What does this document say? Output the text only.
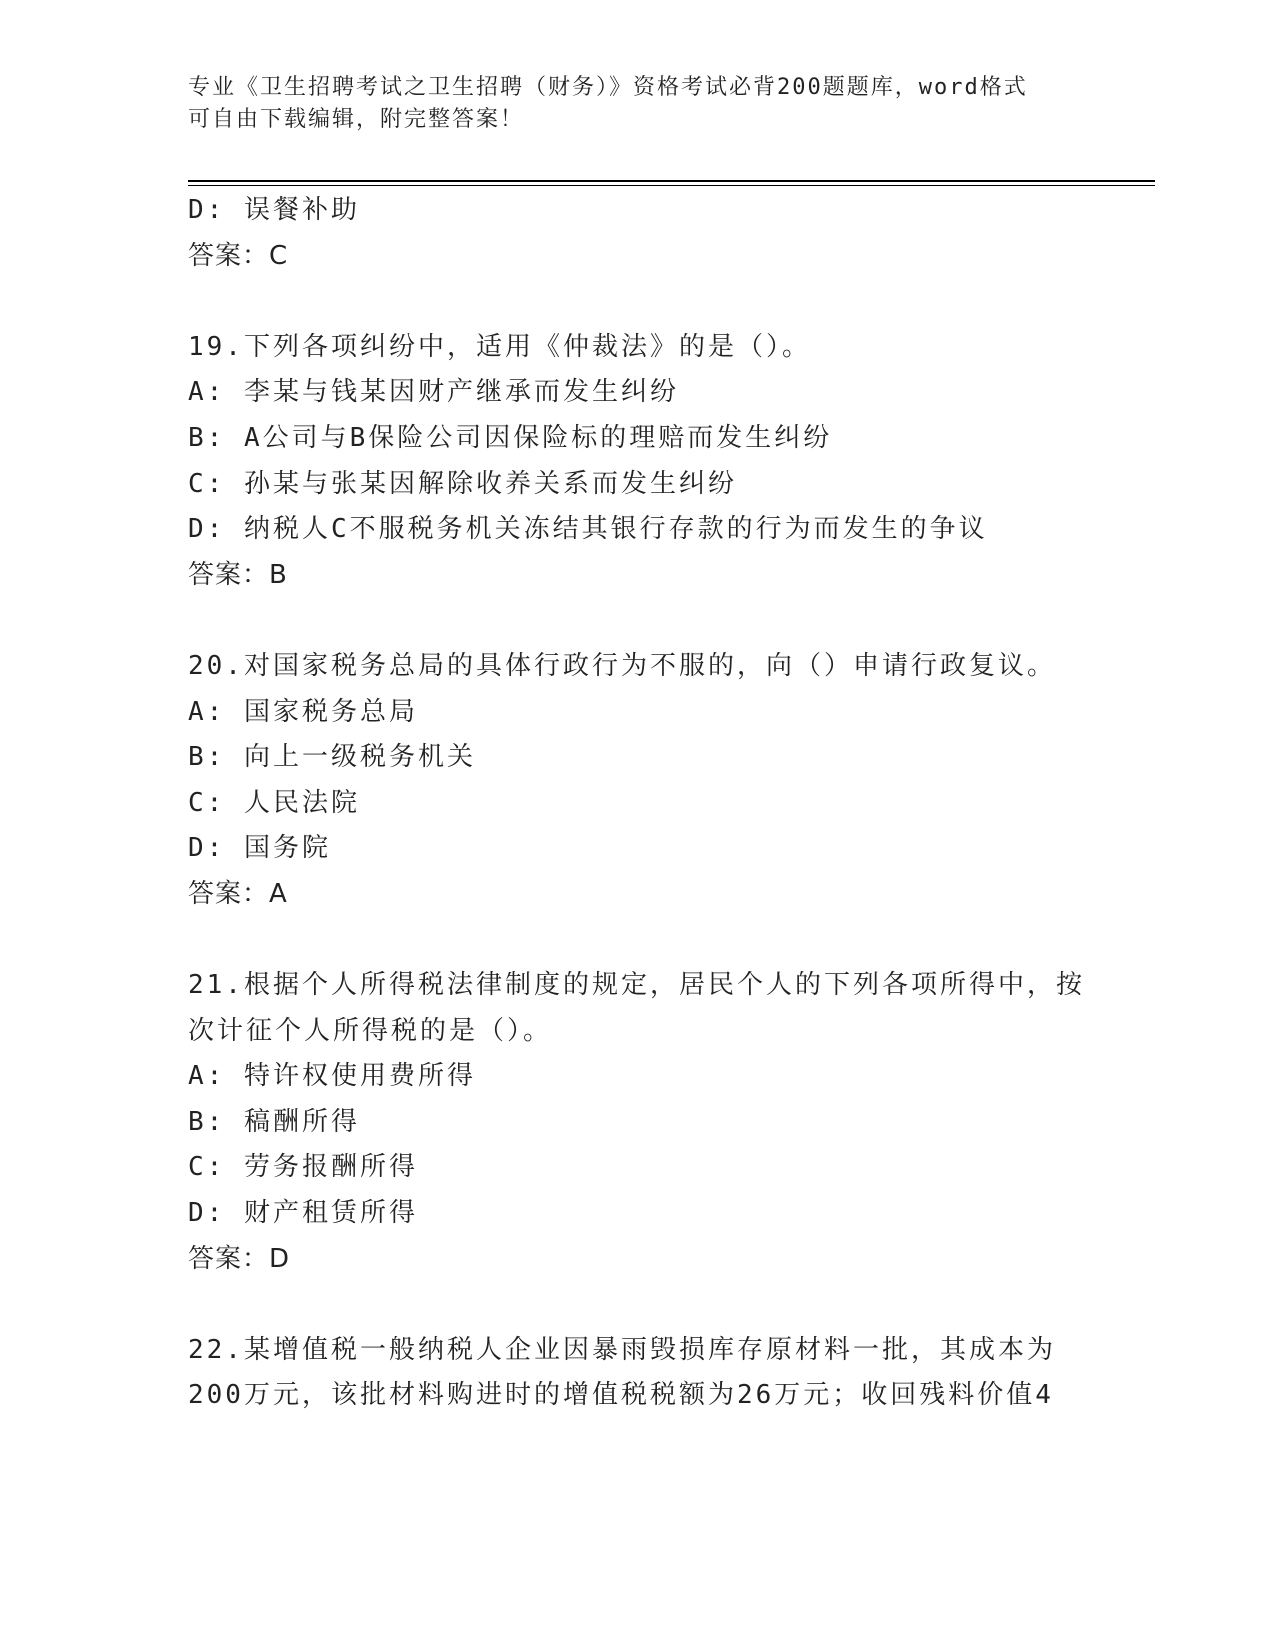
专业《卫生招聘考试之卫生招聘（财务）》资格考试必背200题题库，word格式
可自由下载编辑，附完整答案！
D: 误餐补助
答案：C
19.下列各项纠纷中，适用《仲裁法》的是（）。
A: 李某与钱某因财产继承而发生纠纷
B: A公司与B保险公司因保险标的理赔而发生纠纷
C: 孙某与张某因解除收养关系而发生纠纷
D: 纳税人C不服税务机关冻结其银行存款的行为而发生的争议
答案：B
20.对国家税务总局的具体行政行为不服的，向（）申请行政复议。
A: 国家税务总局
B: 向上一级税务机关
C: 人民法院
D: 国务院
答案：A
21.根据个人所得税法律制度的规定，居民个人的下列各项所得中，按
次计征个人所得税的是（）。
A: 特许权使用费所得
B: 稿酬所得
C: 劳务报酬所得
D: 财产租赁所得
答案：D
22.某增值税一般纳税人企业因暴雨毁损库存原材料一批，其成本为
200万元，该批材料购进时的增值税税额为26万元；收回残料价值4
